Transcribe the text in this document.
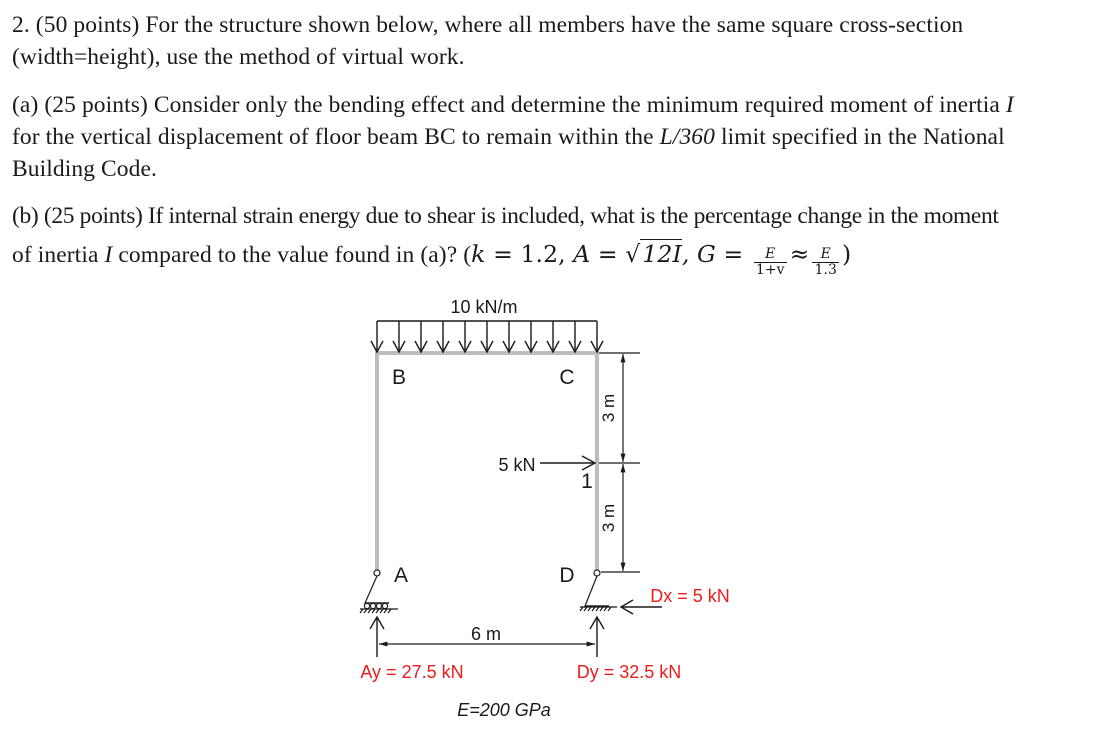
2. (50 points) For the structure shown below, where all members have the same square cross-section
(width=height), use the method of virtual work.
(a) (25 points) Consider only the bending effect and determine the minimum required moment of inertia I
for the vertical displacement of floor beam BC to remain within the L/360 limit specified in the National
Building Code.
(b) (25 points) If internal strain energy due to shear is included, what is the percentage change in the moment
of inertia I compared to the value found in (a)? (k = 1.2, A = √12I, $G = \frac{E}{1+v} \approx \frac{E}{1.3}$ )
10 kN/m
B	C
A	D
5 kN
1
3 m
3 m
6 m
Ay = 27.5 kN	Dy = 32.5 kN
Dx = 5 kN
E=200 GPa
